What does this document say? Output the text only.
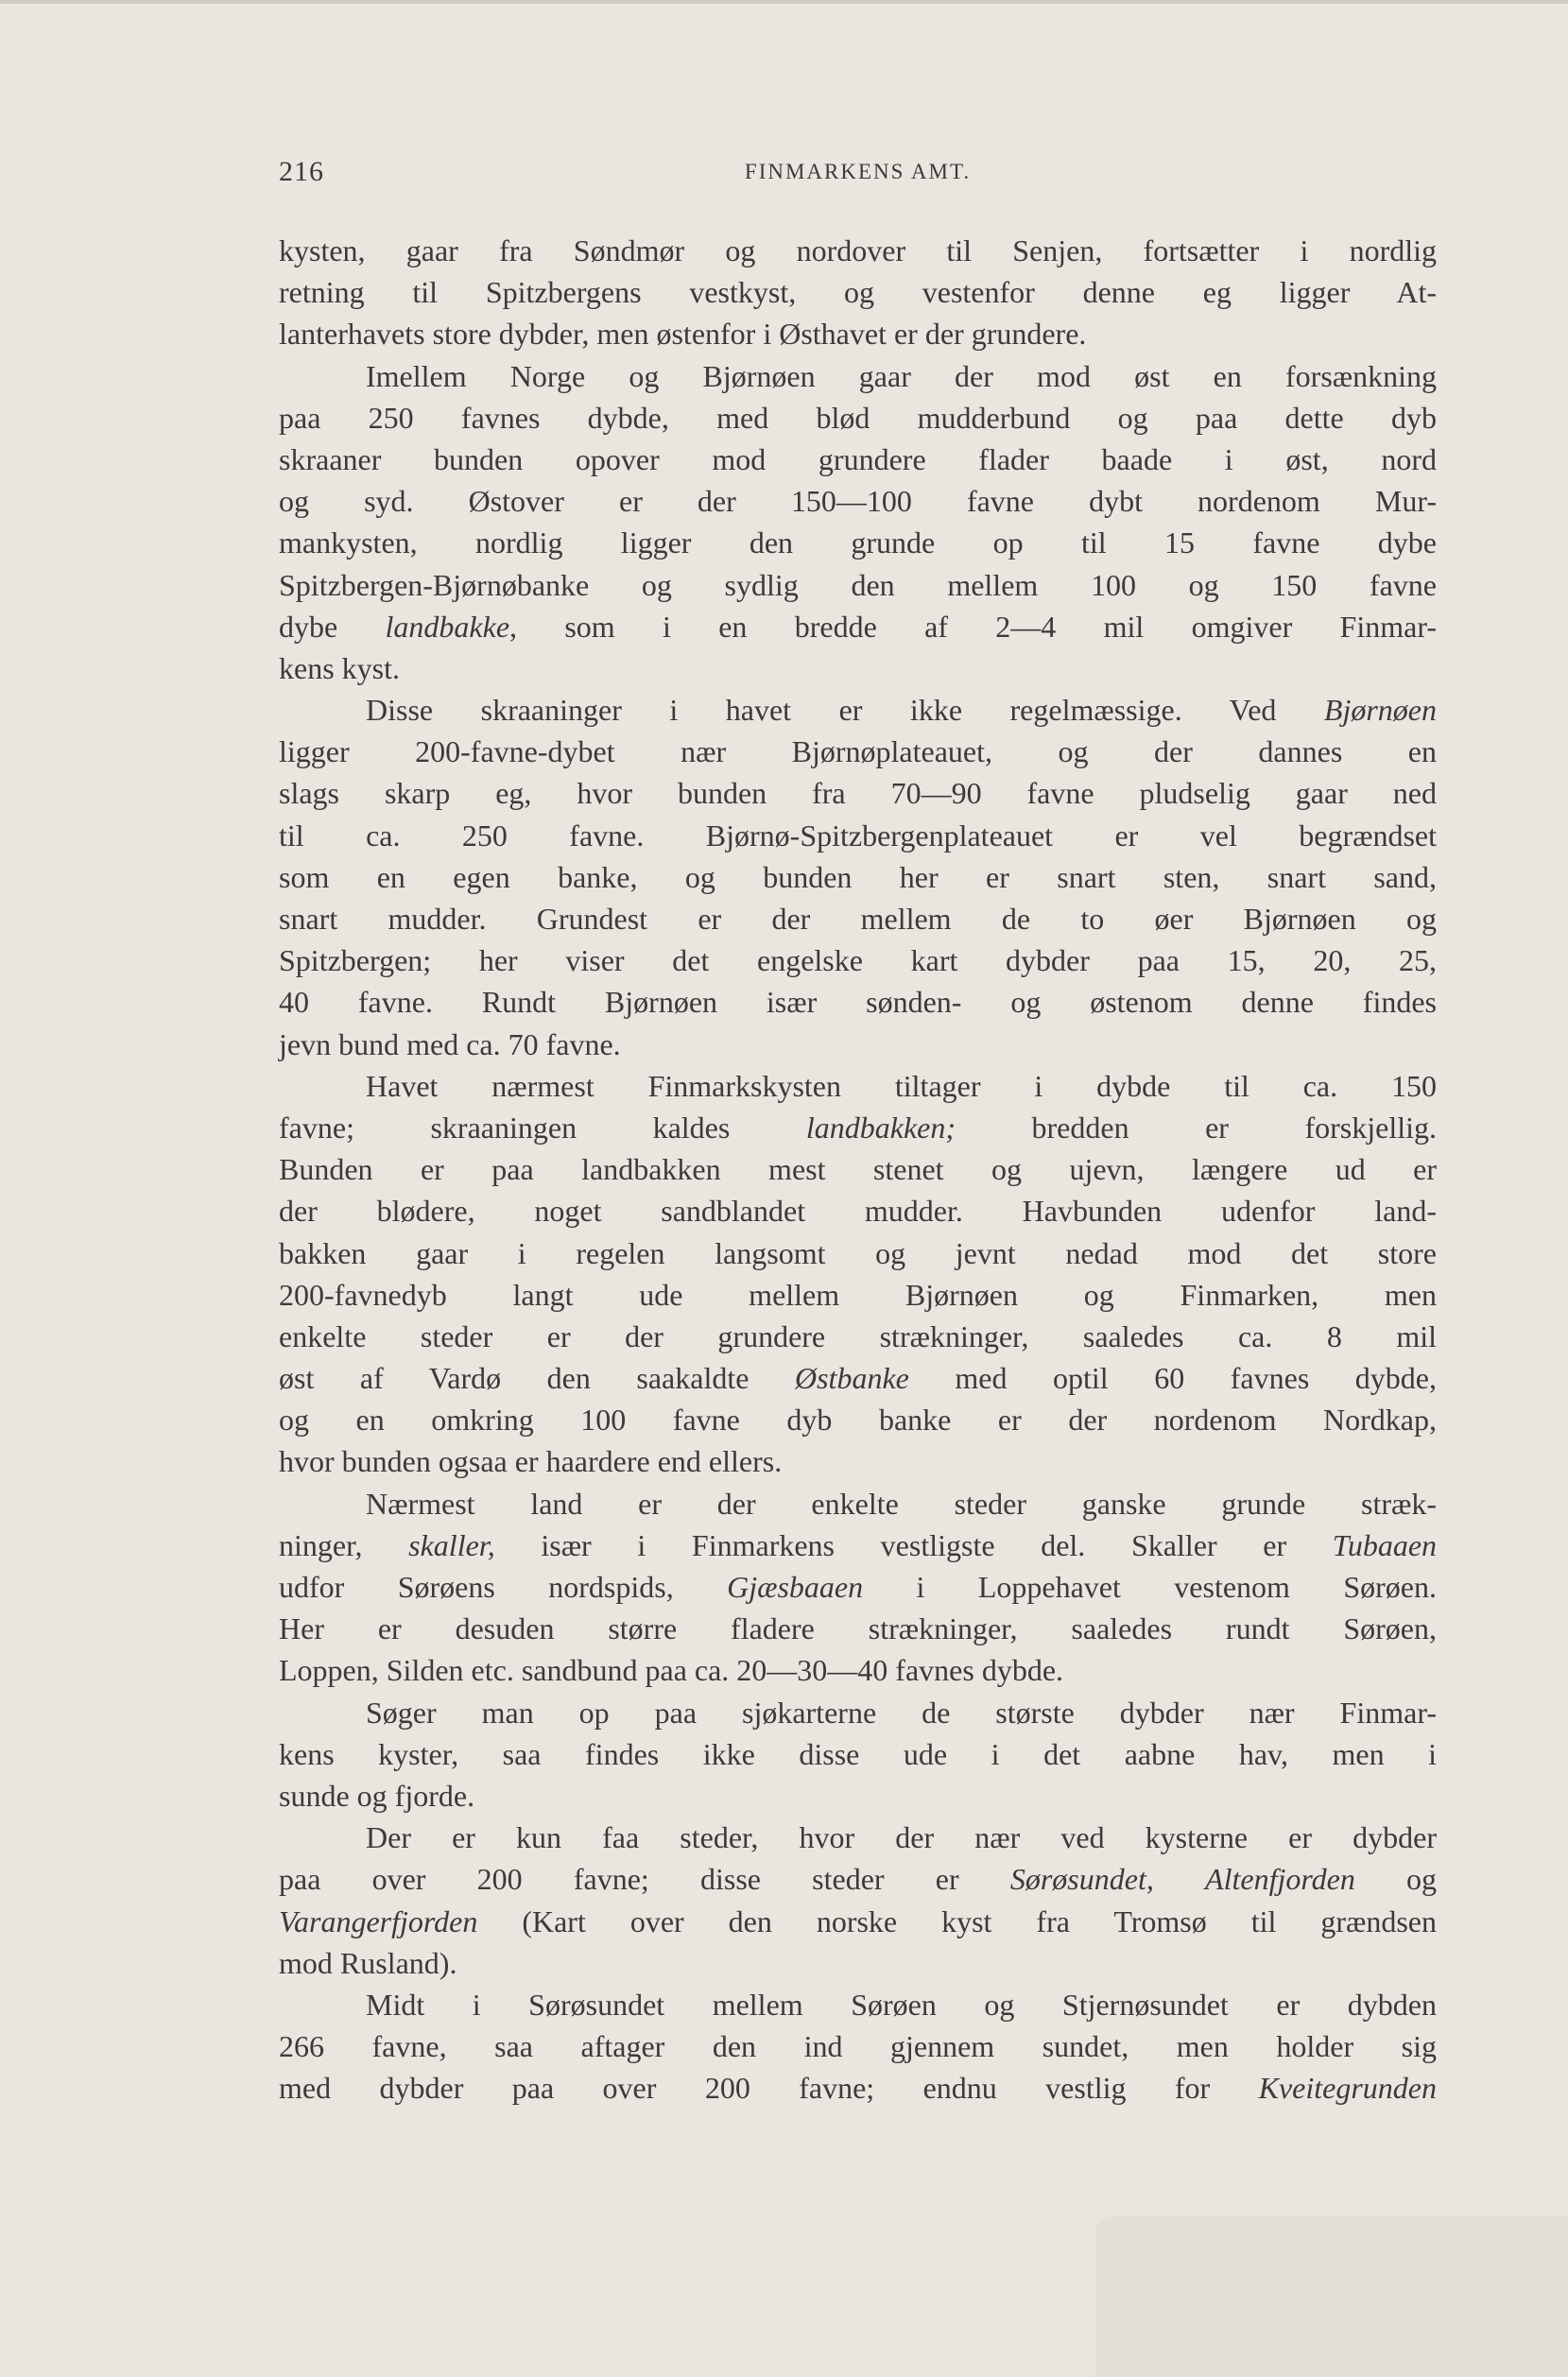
216	FINMARKENS AMT.
kysten, gaar fra Søndmør og nordover til Senjen, fortsætter i nordlig
retning til Spitzbergens vestkyst, og vestenfor denne eg ligger At-
lanterhavets store dybder, men østenfor i Østhavet er der grundere.
Imellem Norge og Bjørnøen gaar der mod øst en forsænkning
paa 250 favnes dybde, med blød mudderbund og paa dette dyb
skraaner bunden opover mod grundere flader baade i øst, nord
og syd. Østover er der 150—100 favne dybt nordenom Mur-
mankysten, nordlig ligger den grunde op til 15 favne dybe
Spitzbergen-Bjørnøbanke og sydlig den mellem 100 og 150 favne
dybe landbakke, som i en bredde af 2—4 mil omgiver Finmar-
kens kyst.
Disse skraaninger i havet er ikke regelmæssige. Ved Bjørnøen
ligger 200-favne-dybet nær Bjørnøplateauet, og der dannes en
slags skarp eg, hvor bunden fra 70—90 favne pludselig gaar ned
til ca. 250 favne. Bjørnø-Spitzbergenplateauet er vel begrændset
som en egen banke, og bunden her er snart sten, snart sand,
snart mudder. Grundest er der mellem de to øer Bjørnøen og
Spitzbergen; her viser det engelske kart dybder paa 15, 20, 25,
40 favne. Rundt Bjørnøen især sønden- og østenom denne findes
jevn bund med ca. 70 favne.
Havet nærmest Finmarkskysten tiltager i dybde til ca. 150
favne; skraaningen kaldes landbakken; bredden er forskjellig.
Bunden er paa landbakken mest stenet og ujevn, længere ud er
der blødere, noget sandblandet mudder. Havbunden udenfor land-
bakken gaar i regelen langsomt og jevnt nedad mod det store
200-favnedyb langt ude mellem Bjørnøen og Finmarken, men
enkelte steder er der grundere strækninger, saaledes ca. 8 mil
øst af Vardø den saakaldte Østbanke med optil 60 favnes dybde,
og en omkring 100 favne dyb banke er der nordenom Nordkap,
hvor bunden ogsaa er haardere end ellers.
Nærmest land er der enkelte steder ganske grunde stræk-
ninger, skaller, især i Finmarkens vestligste del. Skaller er Tubaaen
udfor Sørøens nordspids, Gjæsbaaen i Loppehavet vestenom Sørøen.
Her er desuden større fladere strækninger, saaledes rundt Sørøen,
Loppen, Silden etc. sandbund paa ca. 20—30—40 favnes dybde.
Søger man op paa sjøkarterne de største dybder nær Finmar-
kens kyster, saa findes ikke disse ude i det aabne hav, men i
sunde og fjorde.
Der er kun faa steder, hvor der nær ved kysterne er dybder
paa over 200 favne; disse steder er Sørøsundet, Altenfjorden og
Varangerfjorden (Kart over den norske kyst fra Tromsø til grændsen
mod Rusland).
Midt i Sørøsundet mellem Sørøen og Stjernøsundet er dybden
266 favne, saa aftager den ind gjennem sundet, men holder sig
med dybder paa over 200 favne; endnu vestlig for Kveitegrunden
